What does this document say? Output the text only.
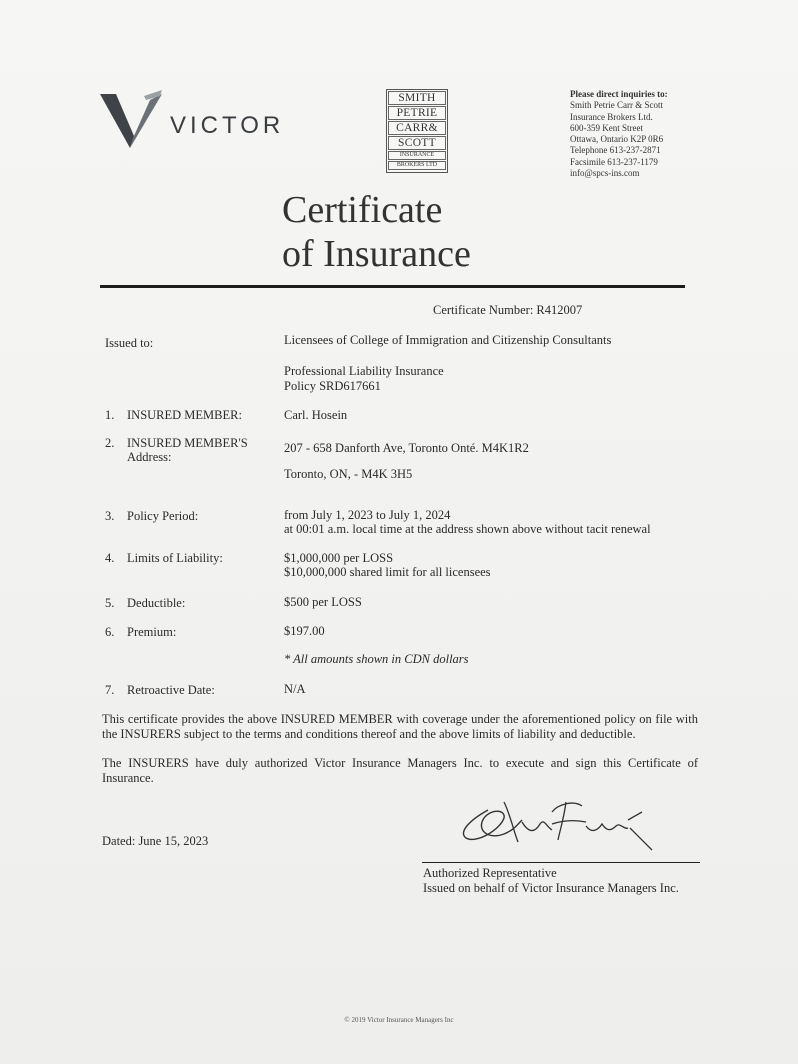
VICTOR
SMITH
PETRIE
CARR&
SCOTT
INSURANCE
BROKERS LTD
Please direct inquiries to:
Smith Petrie Carr & Scott
Insurance Brokers Ltd.
600-359 Kent Street
Ottawa, Ontario K2P 0R6
Telephone 613-237-2871
Facsimile 613-237-1179
info@spcs-ins.com
Certificate
of Insurance
Certificate Number: R412007
Issued to:	Licensees of College of Immigration and Citizenship Consultants
Professional Liability Insurance
Policy SRD617661
1. INSURED MEMBER:	Carl. Hosein
2. INSURED MEMBER'S
Address:
207 - 658 Danforth Ave, Toronto Onté. M4K1R2
Toronto, ON, - M4K 3H5
3. Policy Period:	from July 1, 2023 to July 1, 2024
at 00:01 a.m. local time at the address shown above without tacit renewal
4. Limits of Liability:	$1,000,000 per LOSS
$10,000,000 shared limit for all licensees
5. Deductible:	$500 per LOSS
6. Premium:	$197.00
* All amounts shown in CDN dollars
7. Retroactive Date:	N/A
This certificate provides the above INSURED MEMBER with coverage under the aforementioned policy on file with the INSURERS subject to the terms and conditions thereof and the above limits of liability and deductible.
The INSURERS have duly authorized Victor Insurance Managers Inc. to execute and sign this Certificate of Insurance.
Dated: June 15, 2023
Authorized Representative
Issued on behalf of Victor Insurance Managers Inc.
© 2019 Victor Insurance Managers Inc
